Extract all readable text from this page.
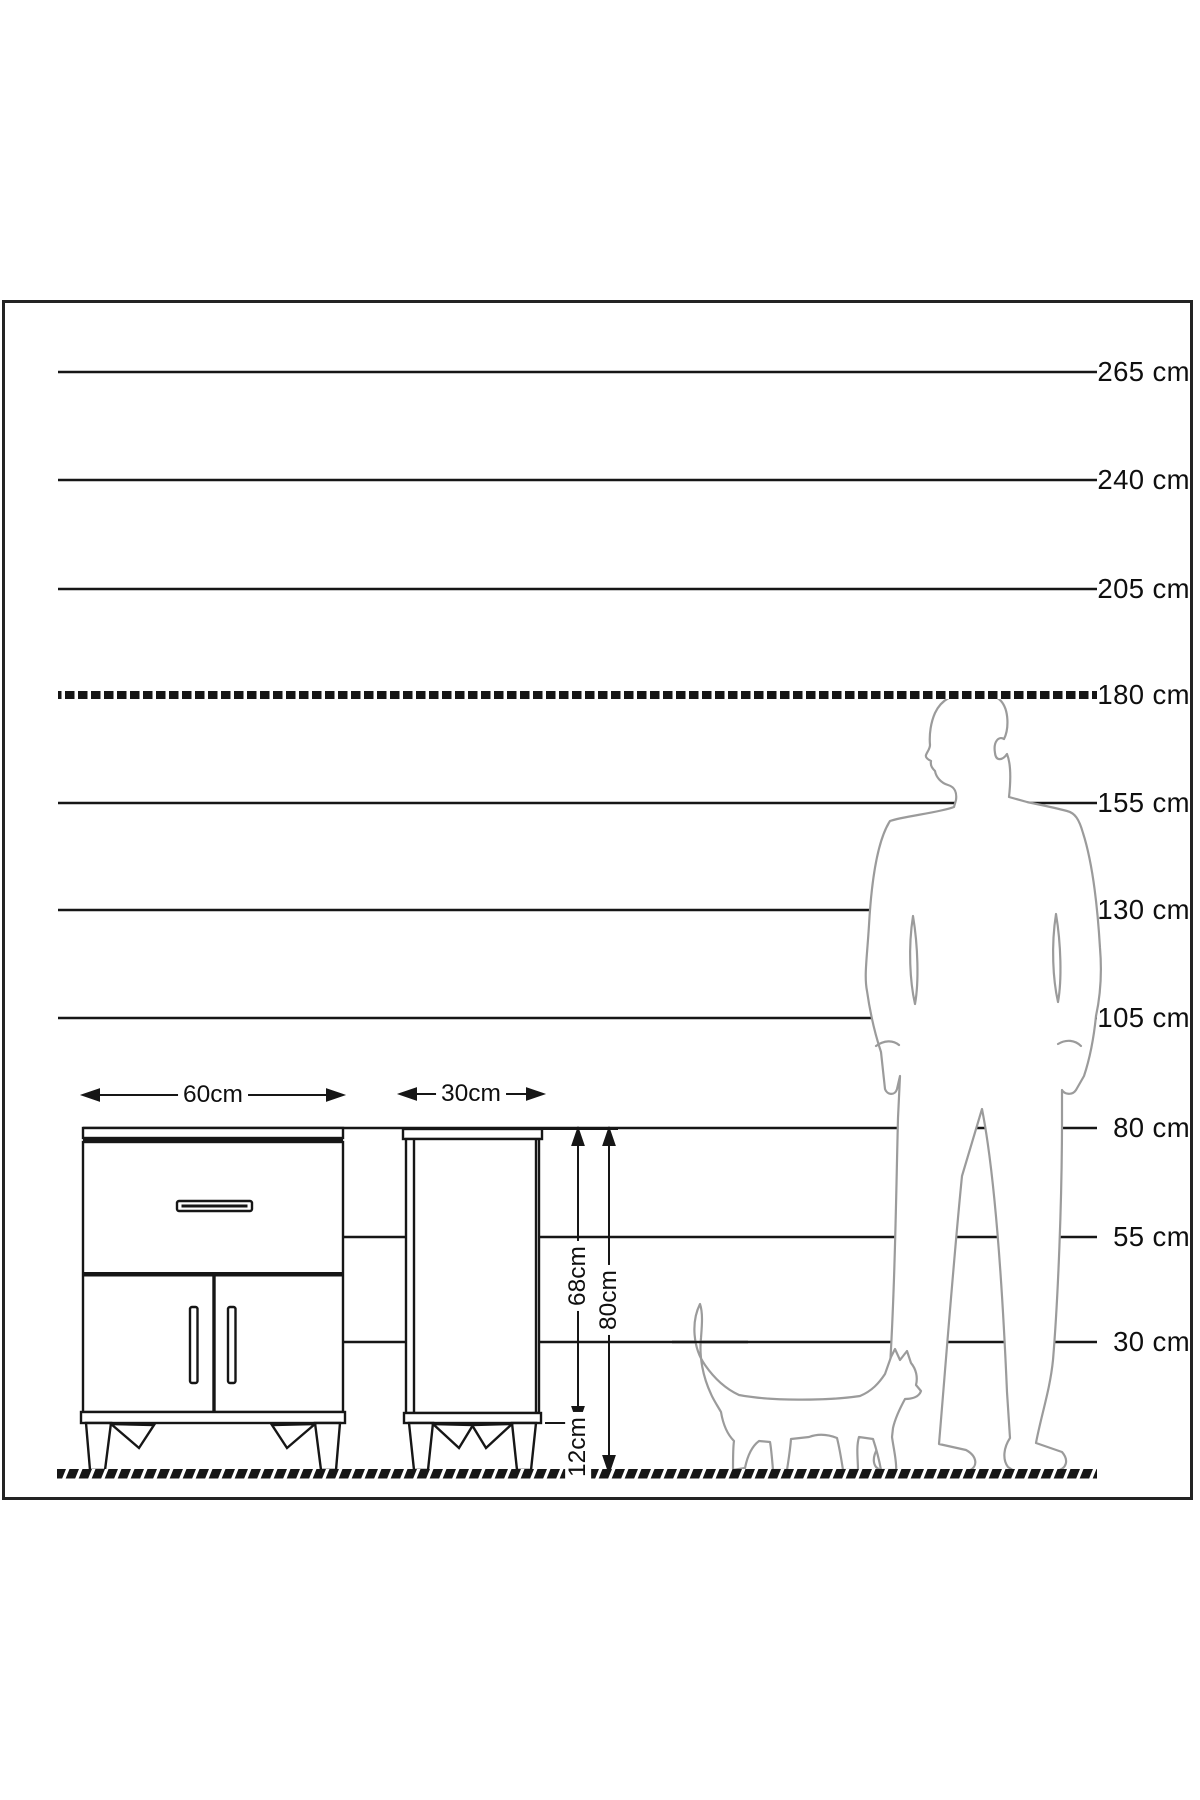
265 cm
240 cm
205 cm
180 cm
155 cm
130 cm
105 cm
80 cm
55 cm
30 cm
60cm	30cm
68cm
12cm
80cm
